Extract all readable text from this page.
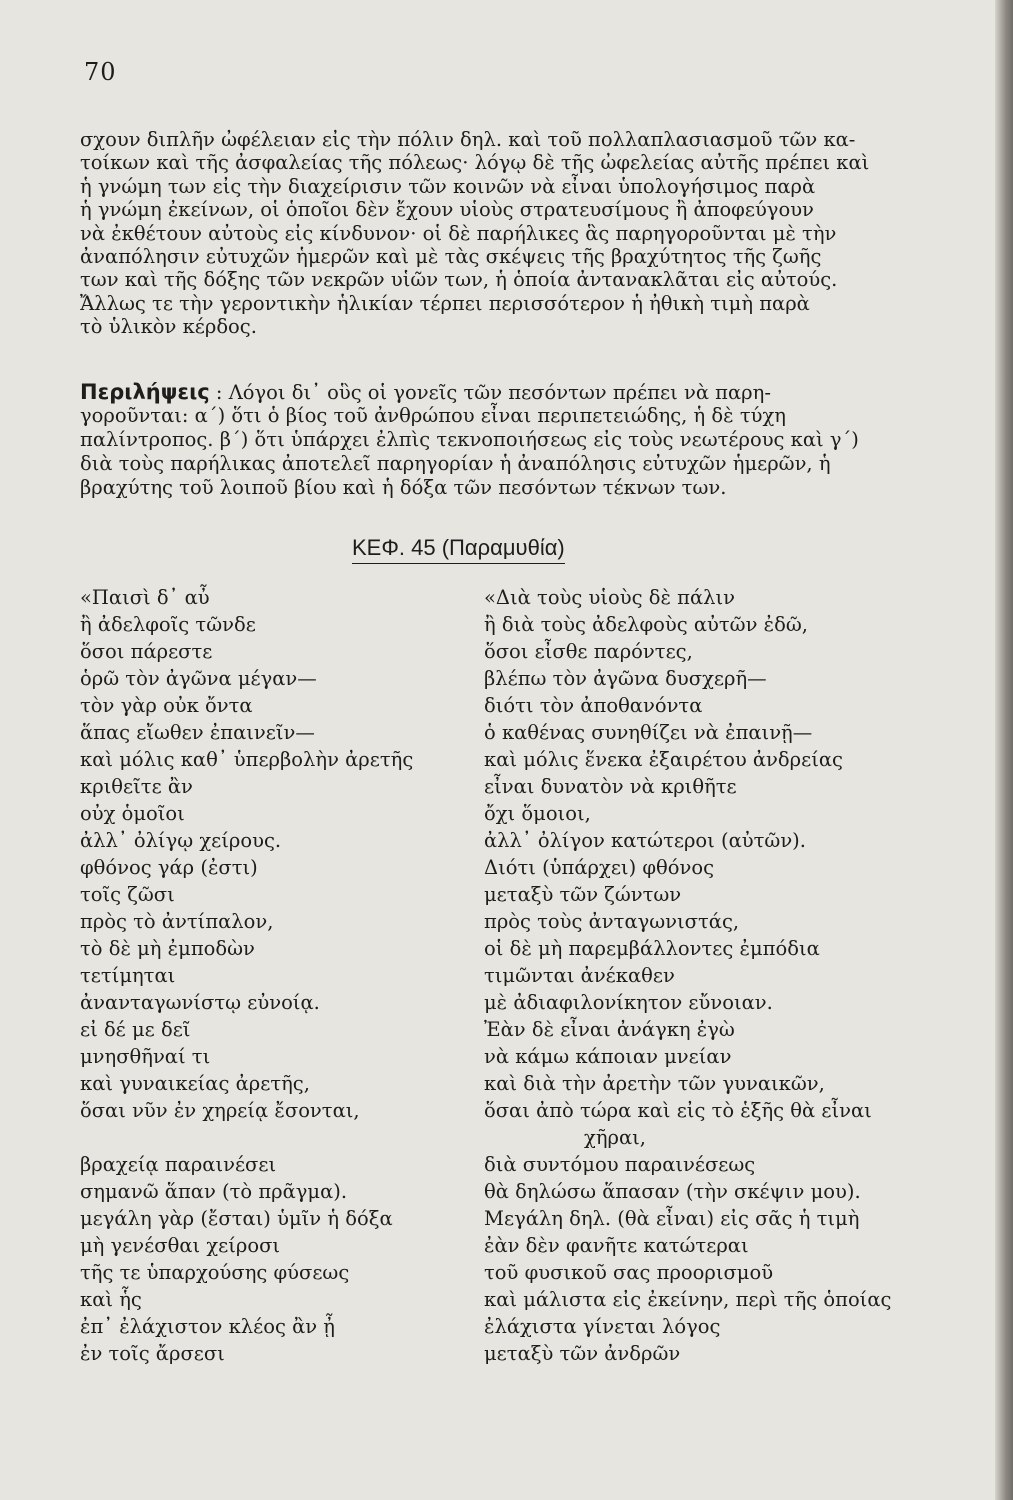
70
σχουν διπλῆν ὠφέλειαν εἰς τὴν πόλιν δηλ. καὶ τοῦ πολλαπλασιασμοῦ τῶν κα-
τοίκων καὶ τῆς ἀσφαλείας τῆς πόλεως· λόγῳ δὲ τῆς ὠφελείας αὐτῆς πρέπει καὶ
ἡ γνώμη των εἰς τὴν διαχείρισιν τῶν κοινῶν νὰ εἶναι ὑπολογήσιμος παρὰ
ἡ γνώμη ἐκείνων, οἱ ὁποῖοι δὲν ἔχουν υἱοὺς στρατευσίμους ἢ ἀποφεύγουν
νὰ ἐκθέτουν αὐτοὺς εἰς κίνδυνον· οἱ δὲ παρήλικες ἃς παρηγοροῦνται μὲ τὴν
ἀναπόλησιν εὐτυχῶν ἡμερῶν καὶ μὲ τὰς σκέψεις τῆς βραχύτητος τῆς ζωῆς
των καὶ τῆς δόξης τῶν νεκρῶν υἱῶν των, ἡ ὁποία ἀντανακλᾶται εἰς αὐτούς.
Ἄλλως τε τὴν γεροντικὴν ἡλικίαν τέρπει περισσότερον ἡ ἠθικὴ τιμὴ παρὰ
τὸ ὑλικὸν κέρδος.
Περιλήψεις : Λόγοι δι᾽ οὓς οἱ γονεῖς τῶν πεσόντων πρέπει νὰ παρη-
γοροῦνται: α΄) ὅτι ὁ βίος τοῦ ἀνθρώπου εἶναι περιπετειώδης, ἡ δὲ τύχη
παλίντροπος. β΄) ὅτι ὑπάρχει ἐλπὶς τεκνοποιήσεως εἰς τοὺς νεωτέρους καὶ γ΄)
διὰ τοὺς παρήλικας ἀποτελεῖ παρηγορίαν ἡ ἀναπόλησις εὐτυχῶν ἡμερῶν, ἡ
βραχύτης τοῦ λοιποῦ βίου καὶ ἡ δόξα τῶν πεσόντων τέκνων των.
ΚΕΦ. 45 (Παραμυθία)
«Παισὶ δ᾽ αὖ
ἢ ἀδελφοῖς τῶνδε
ὅσοι πάρεστε
ὁρῶ τὸν ἀγῶνα μέγαν—
τὸν γὰρ οὐκ ὄντα
ἅπας εἴωθεν ἐπαινεῖν—
καὶ μόλις καθ᾽ ὑπερβολὴν ἀρετῆς
κριθεῖτε ἂν
οὐχ ὁμοῖοι
ἀλλ᾽ ὀλίγῳ χείρους.
φθόνος γάρ (ἐστι)
τοῖς ζῶσι
πρὸς τὸ ἀντίπαλον,
τὸ δὲ μὴ ἐμποδὼν
τετίμηται
ἀνανταγωνίστῳ εὐνοίᾳ.
εἰ δέ με δεῖ
μνησθῆναί τι
καὶ γυναικείας ἀρετῆς,
ὅσαι νῦν ἐν χηρείᾳ ἔσονται,
βραχείᾳ παραινέσει
σημανῶ ἅπαν (τὸ πρᾶγμα).
μεγάλη γὰρ (ἔσται) ὑμῖν ἡ δόξα
μὴ γενέσθαι χείροσι
τῆς τε ὑπαρχούσης φύσεως
καὶ ἧς
ἐπ᾽ ἐλάχιστον κλέος ἂν ᾖ
ἐν τοῖς ἄρσεσι
«Διὰ τοὺς υἱοὺς δὲ πάλιν
ἢ διὰ τοὺς ἀδελφοὺς αὐτῶν ἐδῶ,
ὅσοι εἶσθε παρόντες,
βλέπω τὸν ἀγῶνα δυσχερῆ—
διότι τὸν ἀποθανόντα
ὁ καθένας συνηθίζει νὰ ἐπαινῇ—
καὶ μόλις ἕνεκα ἐξαιρέτου ἀνδρείας
εἶναι δυνατὸν νὰ κριθῆτε
ὄχι ὅμοιοι,
ἀλλ᾽ ὀλίγον κατώτεροι (αὐτῶν).
Διότι (ὑπάρχει) φθόνος
μεταξὺ τῶν ζώντων
πρὸς τοὺς ἀνταγωνιστάς,
οἱ δὲ μὴ παρεμβάλλοντες ἐμπόδια
τιμῶνται ἀνέκαθεν
μὲ ἀδιαφιλονίκητον εὔνοιαν.
Ἐὰν δὲ εἶναι ἀνάγκη ἐγὼ
νὰ κάμω κάποιαν μνείαν
καὶ διὰ τὴν ἀρετὴν τῶν γυναικῶν,
ὅσαι ἀπὸ τώρα καὶ εἰς τὸ ἑξῆς θὰ εἶναι
χῆραι,
διὰ συντόμου παραινέσεως
θὰ δηλώσω ἅπασαν (τὴν σκέψιν μου).
Μεγάλη δηλ. (θὰ εἶναι) εἰς σᾶς ἡ τιμὴ
ἐὰν δὲν φανῆτε κατώτεραι
τοῦ φυσικοῦ σας προορισμοῦ
καὶ μάλιστα εἰς ἐκείνην, περὶ τῆς ὁποίας
ἐλάχιστα γίνεται λόγος
μεταξὺ τῶν ἀνδρῶν
